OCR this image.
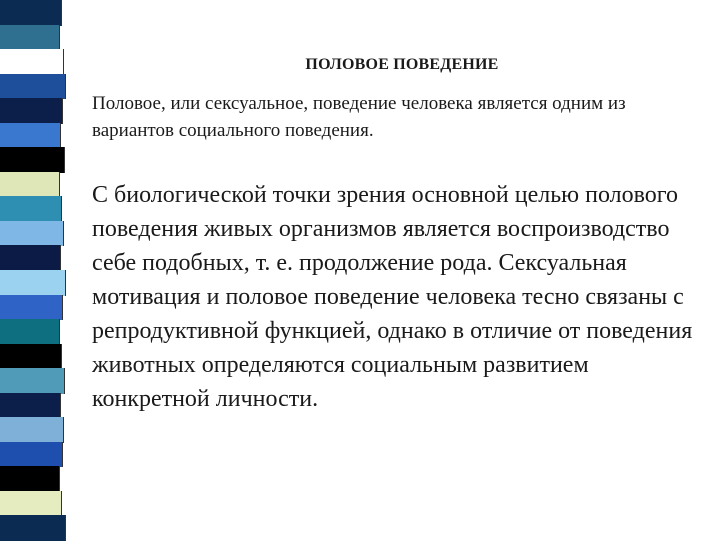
ПОЛОВОЕ ПОВЕДЕНИЕ
Половое, или сексуальное, поведение человека является одним из вариантов социального поведения.
С биологической точки зрения основной целью полового поведения живых организмов является воспроизводство себе подобных, т. е. продолжение рода. Сексуальная мотивация и половое поведение человека тесно связаны с репродуктивной функцией, однако в отличие от поведения животных определяются социальным развитием конкретной личности.
